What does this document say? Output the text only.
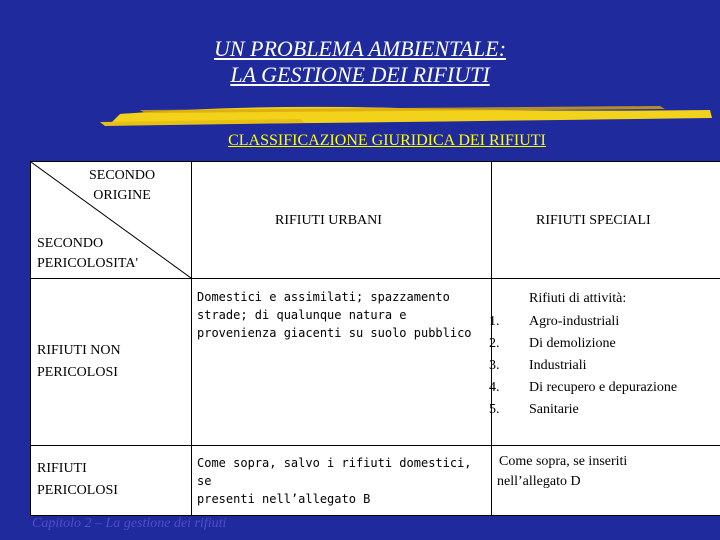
UN PROBLEMA AMBIENTALE:
LA GESTIONE DEI RIFIUTI
CLASSIFICAZIONE GIURIDICA DEI RIFIUTI
SECONDO
ORIGINE
SECONDO
PERICOLOSITA'
RIFIUTI URBANI	RIFIUTI SPECIALI
RIFIUTI NON
PERICOLOSI
RIFIUTI
PERICOLOSI
Domestici e assimilati; spazzamento
strade; di qualunque natura e
provenienza giacenti su suolo pubblico
Rifiuti di attività:
1.
2.
3.
4.
5.
Agro-industriali
Di demolizione
Industriali
Di recupero e depurazione
Sanitarie
Come sopra, salvo i rifiuti domestici, se
presenti nell’allegato B
Come sopra, se inseriti
nell’allegato D
Capitolo 2 – La gestione dei rifiuti
